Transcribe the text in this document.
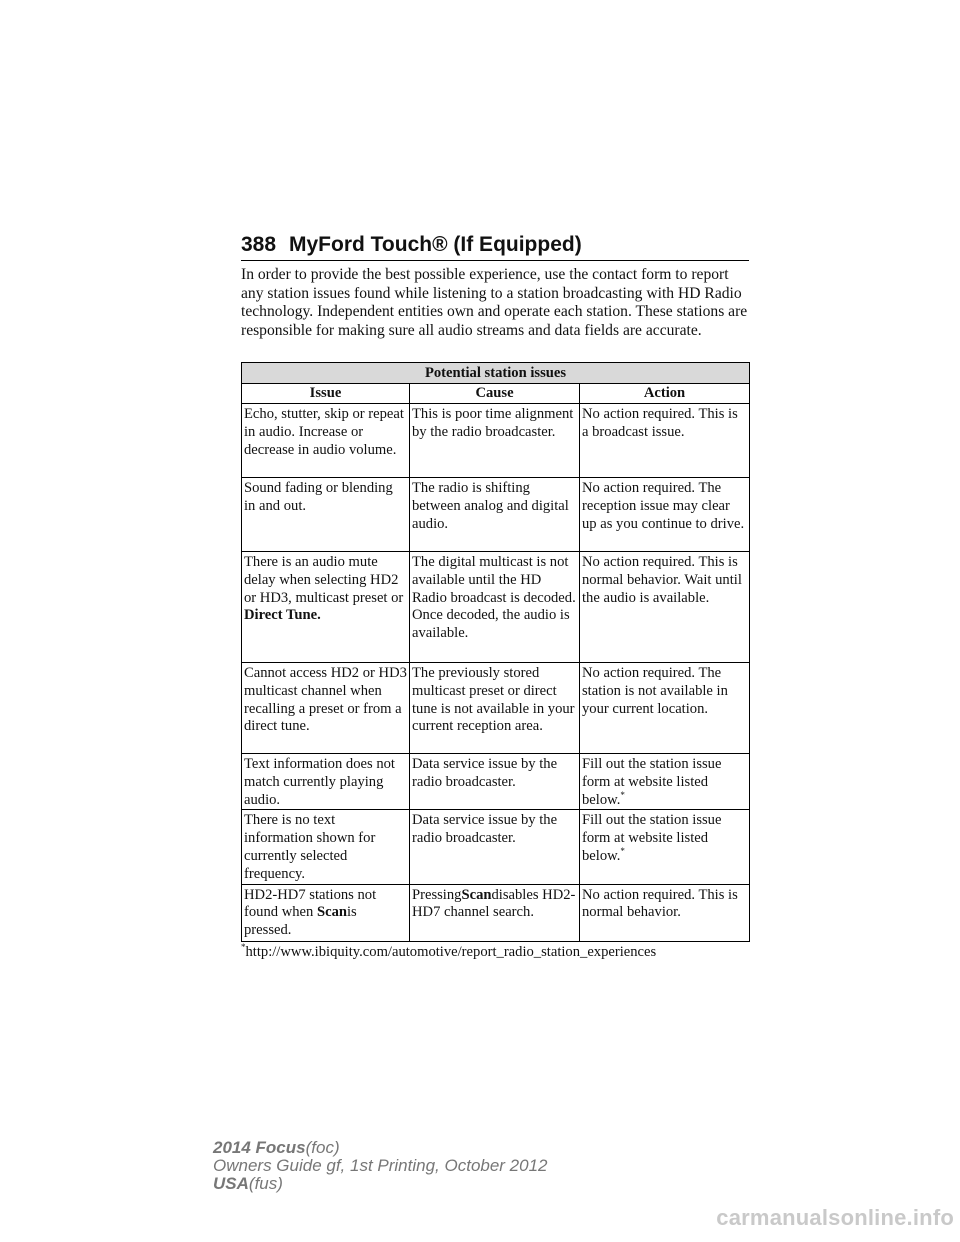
388 MyFord Touch® (If Equipped)

In order to provide the best possible experience, use the contact form to report any station issues found while listening to a station broadcasting with HD Radio technology. Independent entities own and operate each station. These stations are responsible for making sure all audio streams and data fields are accurate.

Potential station issues		
Issue	Cause	Action
Echo, stutter, skip or repeat in audio. Increase or decrease in audio volume.	This is poor time alignment by the radio broadcaster.	No action required. This is a broadcast issue.
Sound fading or blending in and out.	The radio is shifting between analog and digital audio.	No action required. The reception issue may clear up as you continue to drive.
There is an audio mute delay when selecting HD2 or HD3, multicast preset or Direct Tune.	The digital multicast is not available until the HD Radio broadcast is decoded. Once decoded, the audio is available.	No action required. This is normal behavior. Wait until the audio is available.
Cannot access HD2 or HD3 multicast channel when recalling a preset or from a direct tune.	The previously stored multicast preset or direct tune is not available in your current reception area.	No action required. The station is not available in your current location.
Text information does not match currently playing audio.	Data service issue by the radio broadcaster.	Fill out the station issue form at website listed below.*
There is no text information shown for currently selected frequency.	Data service issue by the radio broadcaster.	Fill out the station issue form at website listed below.*
HD2-HD7 stations not found when Scanis pressed.	PressingScandisables HD2-HD7 channel search.	No action required. This is normal behavior.
*http://www.ibiquity.com/automotive/report_radio_station_experiences
2014 Focus(foc)
Owners Guide gf, 1st Printing, October 2012
USA(fus)
carmanualsonline.info
